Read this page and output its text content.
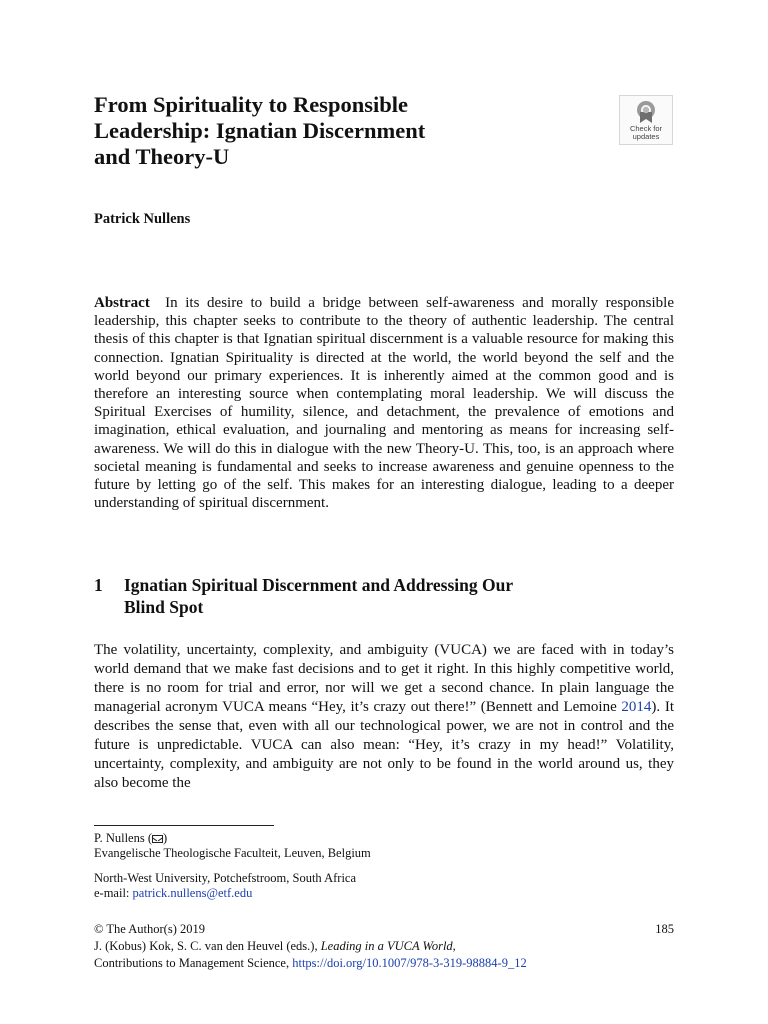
From Spirituality to Responsible
Leadership: Ignatian Discernment
and Theory-U
Check for
updates
Patrick Nullens

Abstract In its desire to build a bridge between self-awareness and morally responsible leadership, this chapter seeks to contribute to the theory of authentic leadership. The central thesis of this chapter is that Ignatian spiritual discernment is a valuable resource for making this connection. Ignatian Spirituality is directed at the world, the world beyond the self and the world beyond our primary experiences. It is inherently aimed at the common good and is therefore an interesting source when contemplating moral leadership. We will discuss the Spiritual Exercises of humility, silence, and detachment, the prevalence of emotions and imagination, ethical evaluation, and journaling and mentoring as means for increasing self-awareness. We will do this in dialogue with the new Theory-U. This, too, is an approach where societal meaning is fundamental and seeks to increase awareness and genuine openness to the future by letting go of the self. This makes for an interesting dialogue, leading to a deeper understanding of spiritual discernment.

1 Ignatian Spiritual Discernment and Addressing Our
Blind Spot

The volatility, uncertainty, complexity, and ambiguity (VUCA) we are faced with in today’s world demand that we make fast decisions and to get it right. In this highly competitive world, there is no room for trial and error, nor will we get a second chance. In plain language the managerial acronym VUCA means “Hey, it’s crazy out there!” (Bennett and Lemoine 2014). It describes the sense that, even with all our technological power, we are not in control and the future is unpredictable. VUCA can also mean: “Hey, it’s crazy in my head!” Volatility, uncertainty, complexity, and ambiguity are not only to be found in the world around us, they also become the

P. Nullens ( )
Evangelische Theologische Faculteit, Leuven, Belgium
North-West University, Potchefstroom, South Africa
e-mail: patrick.nullens@etf.edu
© The Author(s) 2019
J. (Kobus) Kok, S. C. van den Heuvel (eds.), Leading in a VUCA World,
Contributions to Management Science, https://doi.org/10.1007/978-3-319-98884-9_12
185
